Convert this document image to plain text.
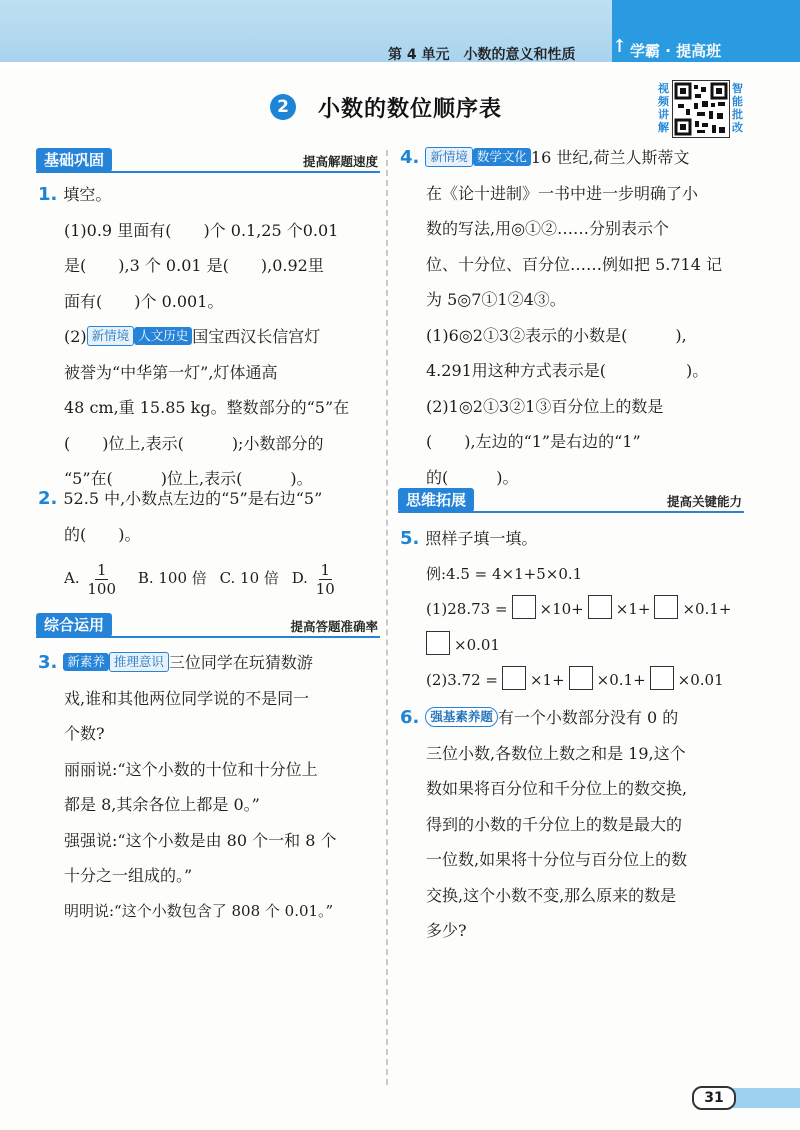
第 4 单元　小数的意义和性质 ↑ 学霸 · 提高班
2	小数的数位顺序表
视
频
讲
解
智
能
批
改
基础巩固	提高解题速度
1. 填空。
(1)0.9 里面有(　　)个 0.1,25 个0.01
是(　　),3 个 0.01 是(　　),0.92里
面有(　　)个 0.001。
(2) 新情境 人文历史 国宝西汉长信宫灯
被誉为“中华第一灯”,灯体通高
48 cm,重 15.85 kg。整数部分的“5”在
(　　)位上,表示(　　　);小数部分的
“5”在(　　　)位上,表示(　　　)。
2. 52.5 中,小数点左边的“5”是右边“5”
的(　　)。
A. $\frac{1}{100} B$. 100 倍 C. 10 倍 D. $\frac{1}{10}$
综合运用	提高答题准确率
3. 新素养 推理意识 三位同学在玩猜数游
戏,谁和其他两位同学说的不是同一
个数?
丽丽说:“这个小数的十位和十分位上
都是 8,其余各位上都是 0。”
强强说:“这个小数是由 80 个一和 8 个
十分之一组成的。”
明明说:“这个小数包含了 808 个 0.01。”
4. 新情境 数学文化 16 世纪,荷兰人斯蒂文
在《论十进制》一书中进一步明确了小
数的写法,用◎①②……分别表示个
位、十分位、百分位……例如把 5.714 记
为 5◎7①1②4③。
(1)6◎2①3②表示的小数是(　　　),
4.291用这种方式表示是(　　　　　)。
(2)1◎2①3②1③百分位上的数是
(　　),左边的“1”是右边的“1”
的(　　　)。
思维拓展	提高关键能力
5. 照样子填一填。
例:4.5 = 4×1+5×0.1
(1)28.73 = ×10+ ×1+ ×0.1+
×0.01
(2)3.72 = ×1+ ×0.1+ ×0.01
6. 强基素养题 有一个小数部分没有 0 的
三位小数,各数位上数之和是 19,这个
数如果将百分位和千分位上的数交换,
得到的小数的千分位上的数是最大的
一位数,如果将十分位与百分位上的数
交换,这个小数不变,那么原来的数是
多少?
31
